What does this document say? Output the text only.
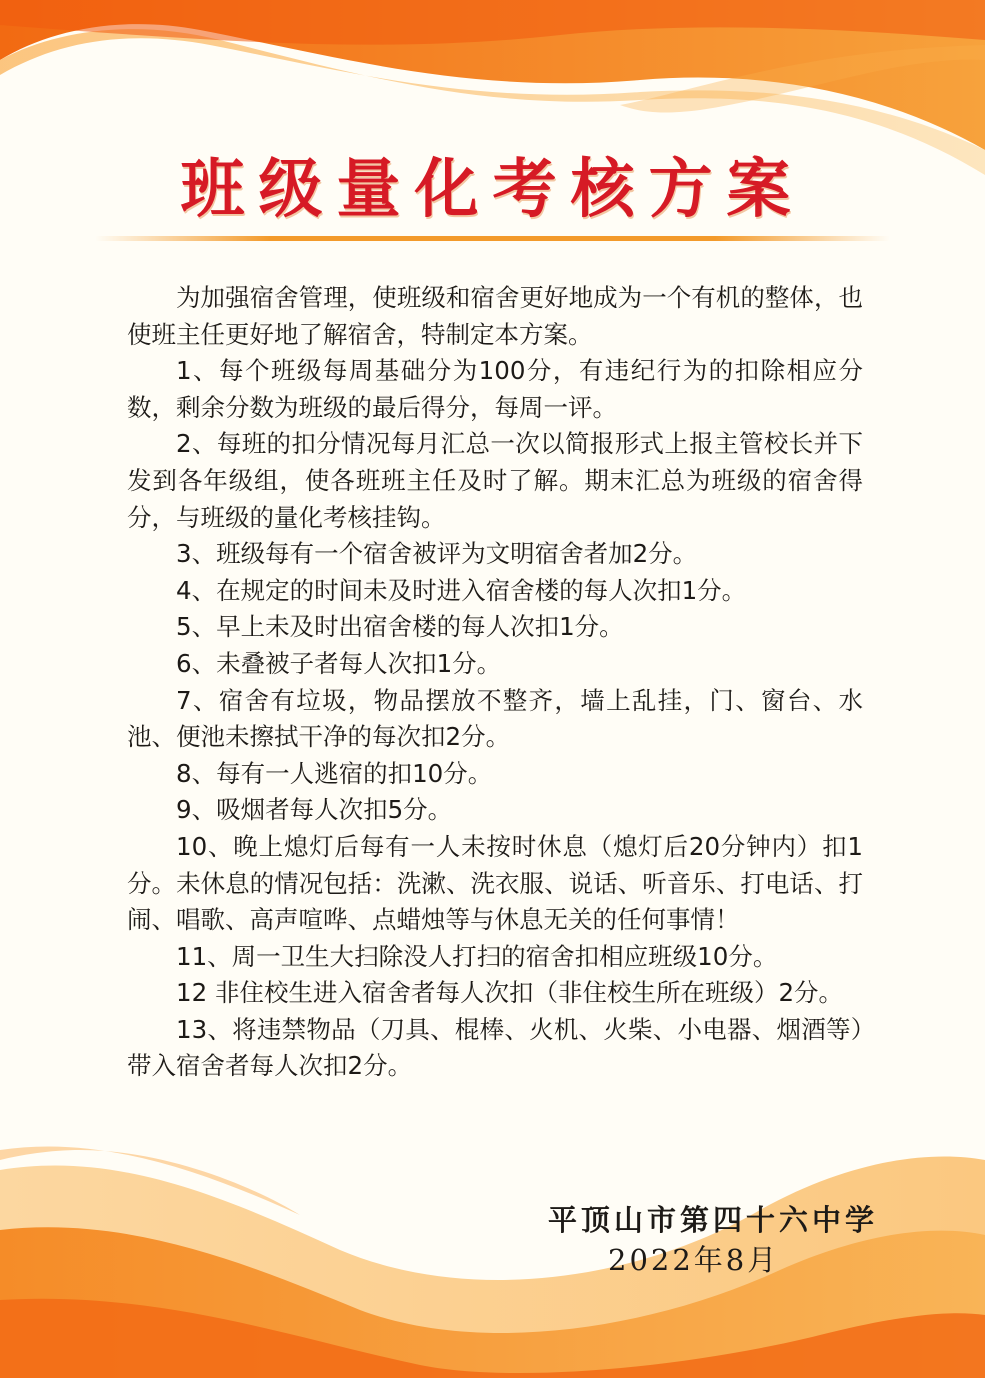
班级量化考核方案

为加强宿舍管理，使班级和宿舍更好地成为一个有机的整体，也使班主任更好地了解宿舍，特制定本方案。

1、每个班级每周基础分为100分，有违纪行为的扣除相应分数，剩余分数为班级的最后得分，每周一评。

2、每班的扣分情况每月汇总一次以简报形式上报主管校长并下发到各年级组，使各班班主任及时了解。期末汇总为班级的宿舍得分，与班级的量化考核挂钩。

3、班级每有一个宿舍被评为文明宿舍者加2分。

4、在规定的时间未及时进入宿舍楼的每人次扣1分。

5、早上未及时出宿舍楼的每人次扣1分。

6、未叠被子者每人次扣1分。

7、宿舍有垃圾，物品摆放不整齐，墙上乱挂，门、窗台、水池、便池未擦拭干净的每次扣2分。

8、每有一人逃宿的扣10分。

9、吸烟者每人次扣5分。

10、晚上熄灯后每有一人未按时休息（熄灯后20分钟内）扣1分。未休息的情况包括：洗漱、洗衣服、说话、听音乐、打电话、打闹、唱歌、高声喧哗、点蜡烛等与休息无关的任何事情！

11、周一卫生大扫除没人打扫的宿舍扣相应班级10分。

12 非住校生进入宿舍者每人次扣（非住校生所在班级）2分。

13、将违禁物品（刀具、棍棒、火机、火柴、小电器、烟酒等）带入宿舍者每人次扣2分。

平顶山市第四十六中学
2022年8月
